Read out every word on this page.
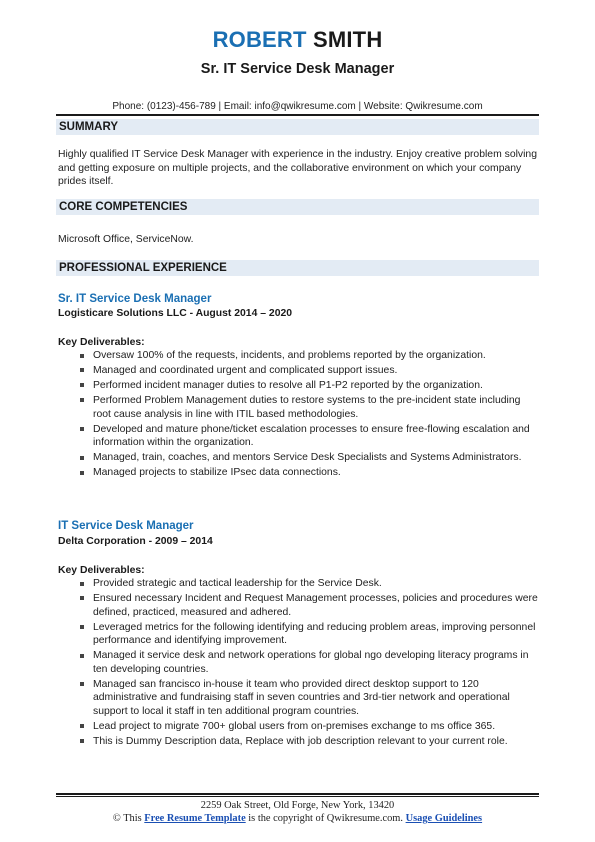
ROBERT SMITH
Sr. IT Service Desk Manager
Phone: (0123)-456-789 | Email: info@qwikresume.com | Website: Qwikresume.com
SUMMARY
Highly qualified IT Service Desk Manager with experience in the industry. Enjoy creative problem solving and getting exposure on multiple projects, and the collaborative environment on which your company prides itself.
CORE COMPETENCIES
Microsoft Office, ServiceNow.
PROFESSIONAL EXPERIENCE
Sr. IT Service Desk Manager
Logisticare Solutions LLC - August 2014 – 2020
Key Deliverables:
Oversaw 100% of the requests, incidents, and problems reported by the organization.
Managed and coordinated urgent and complicated support issues.
Performed incident manager duties to resolve all P1-P2 reported by the organization.
Performed Problem Management duties to restore systems to the pre-incident state including root cause analysis in line with ITIL based methodologies.
Developed and mature phone/ticket escalation processes to ensure free-flowing escalation and information within the organization.
Managed, train, coaches, and mentors Service Desk Specialists and Systems Administrators.
Managed projects to stabilize IPsec data connections.
IT Service Desk Manager
Delta Corporation - 2009 – 2014
Key Deliverables:
Provided strategic and tactical leadership for the Service Desk.
Ensured necessary Incident and Request Management processes, policies and procedures were defined, practiced, measured and adhered.
Leveraged metrics for the following identifying and reducing problem areas, improving personnel performance and identifying improvement.
Managed it service desk and network operations for global ngo developing literacy programs in ten developing countries.
Managed san francisco in-house it team who provided direct desktop support to 120 administrative and fundraising staff in seven countries and 3rd-tier network and operational support to local it staff in ten additional program countries.
Lead project to migrate 700+ global users from on-premises exchange to ms office 365.
This is Dummy Description data, Replace with job description relevant to your current role.
2259 Oak Street, Old Forge, New York, 13420
© This Free Resume Template is the copyright of Qwikresume.com. Usage Guidelines
